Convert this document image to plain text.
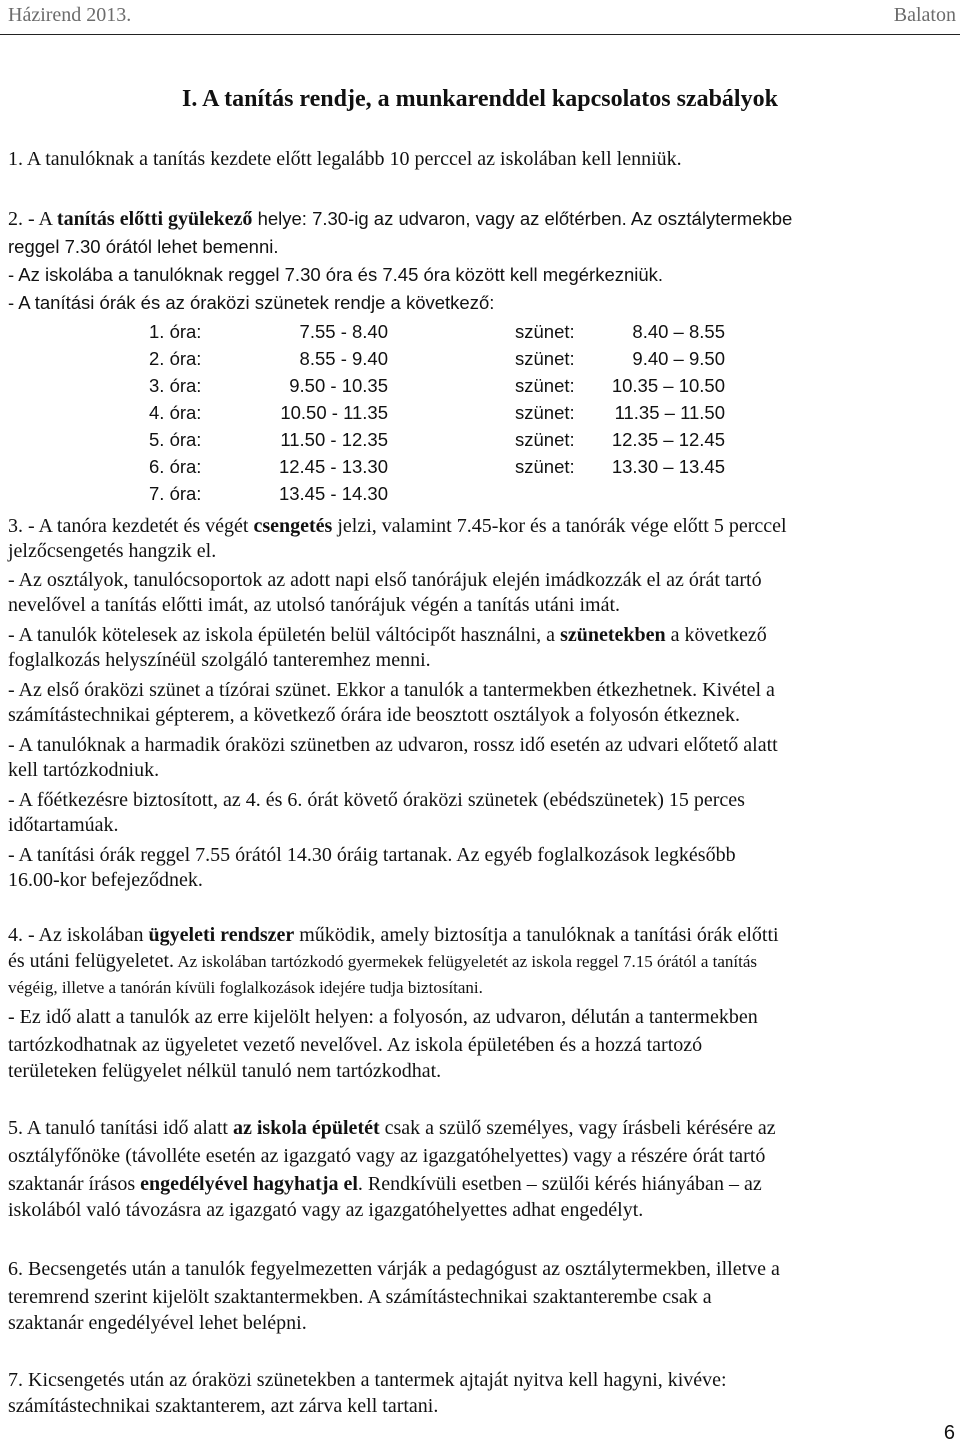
Házirend 2013.	Balaton
I. A tanítás rendje, a munkarenddel kapcsolatos szabályok
1. A tanulóknak a tanítás kezdete előtt legalább 10 perccel az iskolában kell lenniük.
2. - A tanítás előtti gyülekező helye: 7.30-ig az udvaron, vagy az előtérben. Az osztálytermekbe
reggel 7.30 órától lehet bemenni.
- Az iskolába a tanulóknak reggel 7.30 óra és 7.45 óra között kell megérkezniük.
- A tanítási órák és az óraközi szünetek rendje a következő:
1. óra:	7.55 - 8.40	szünet:	8.40 – 8.55
2. óra:	8.55 - 9.40	szünet:	9.40 – 9.50
3. óra:	9.50 - 10.35	szünet:	10.35 – 10.50
4. óra:	10.50 - 11.35	szünet:	11.35 – 11.50
5. óra:	11.50 - 12.35	szünet:	12.35 – 12.45
6. óra:	12.45 - 13.30	szünet:	13.30 – 13.45
7. óra:	13.45 - 14.30
3. - A tanóra kezdetét és végét csengetés jelzi, valamint 7.45-kor és a tanórák vége előtt 5 perccel
jelzőcsengetés hangzik el.
- Az osztályok, tanulócsoportok az adott napi első tanórájuk elején imádkozzák el az órát tartó
nevelővel a tanítás előtti imát, az utolsó tanórájuk végén a tanítás utáni imát.
- A tanulók kötelesek az iskola épületén belül váltócipőt használni, a szünetekben a következő
foglalkozás helyszínéül szolgáló tanteremhez menni.
- Az első óraközi szünet a tízórai szünet. Ekkor a tanulók a tantermekben étkezhetnek. Kivétel a
számítástechnikai gépterem, a következő órára ide beosztott osztályok a folyosón étkeznek.
- A tanulóknak a harmadik óraközi szünetben az udvaron, rossz idő esetén az udvari előtető alatt
kell tartózkodniuk.
- A főétkezésre biztosított, az 4. és 6. órát követő óraközi szünetek (ebédszünetek) 15 perces
időtartamúak.
- A tanítási órák reggel 7.55 órától 14.30 óráig tartanak. Az egyéb foglalkozások legkésőbb
16.00-kor befejeződnek.
4. - Az iskolában ügyeleti rendszer működik, amely biztosítja a tanulóknak a tanítási órák előtti
és utáni felügyeletet. Az iskolában tartózkodó gyermekek felügyeletét az iskola reggel 7.15 órától a tanítás
végéig, illetve a tanórán kívüli foglalkozások idejére tudja biztosítani.
- Ez idő alatt a tanulók az erre kijelölt helyen: a folyosón, az udvaron, délután a tantermekben
tartózkodhatnak az ügyeletet vezető nevelővel. Az iskola épületében és a hozzá tartozó
területeken felügyelet nélkül tanuló nem tartózkodhat.
5. A tanuló tanítási idő alatt az iskola épületét csak a szülő személyes, vagy írásbeli kérésére az
osztályfőnöke (távolléte esetén az igazgató vagy az igazgatóhelyettes) vagy a részére órát tartó
szaktanár írásos engedélyével hagyhatja el. Rendkívüli esetben – szülői kérés hiányában – az
iskolából való távozásra az igazgató vagy az igazgatóhelyettes adhat engedélyt.
6. Becsengetés után a tanulók fegyelmezetten várják a pedagógust az osztálytermekben, illetve a
teremrend szerint kijelölt szaktantermekben. A számítástechnikai szaktanterembe csak a
szaktanár engedélyével lehet belépni.
7. Kicsengetés után az óraközi szünetekben a tantermek ajtaját nyitva kell hagyni, kivéve:
számítástechnikai szaktanterem, azt zárva kell tartani.
6
